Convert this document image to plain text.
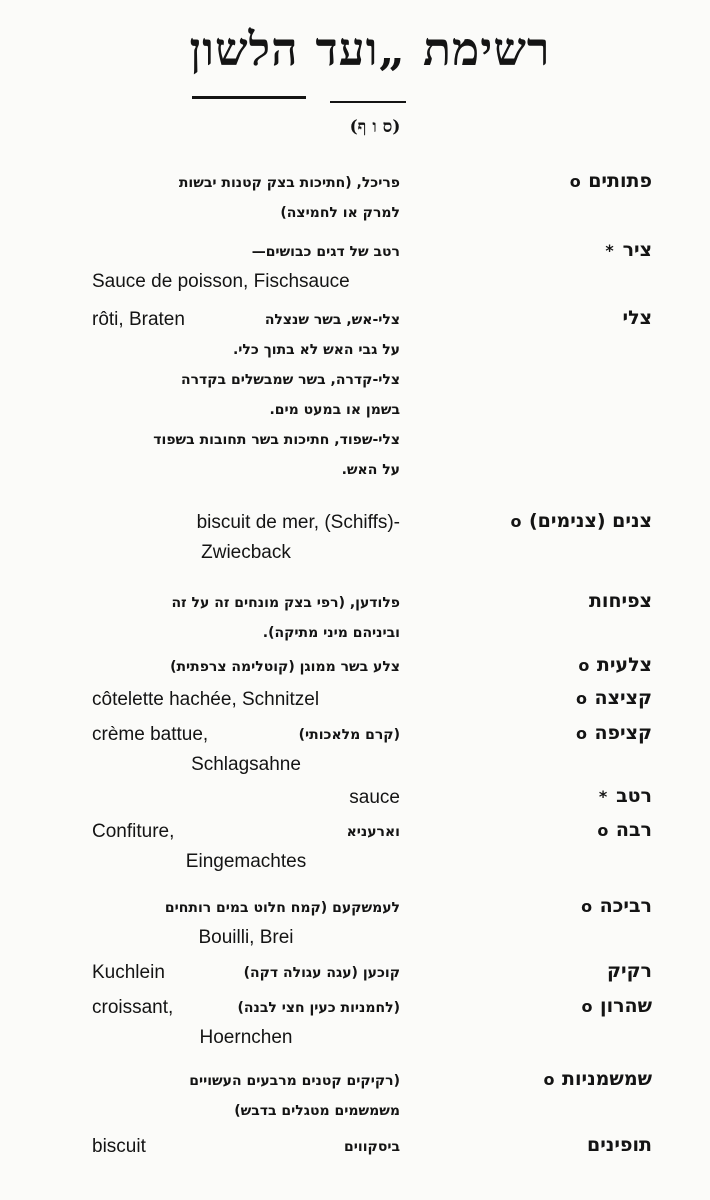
רשימת „ועד הלשון
(ס ו ף)
פתותיםo
פריכל, (חתיכות בצק קטנות יבשות
למרק או לחמיצה)
ציר*
רטב של דגים כבושים—
Sauce de poisson, Fischsauce
צלי
rôti, Braten	צלי-אש, בשר שנצלה
על גבי האש לא בתוך כלי.
צלי-קדרה, בשר שמבשלים בקדרה
בשמן או במעט מים.
צלי-שפוד, חתיכות בשר תחובות בשפוד
על האש.
צנים (צנימים)o
biscuit de mer, (Schiffs)-
Zwiecback
צפיחות
פלודען, (רפי בצק מונחים זה על זה
וביניהם מיני מתיקה).
צלעיתo
צלע בשר ממוגן (קוטלימה צרפתית)
קציצהo
côtelette hachée, Schnitzel
קציפהo
crème battue,	(קרם מלאכותי)
Schlagsahne
רטב*
sauce
רבהo
Confiture,	וארעניא
Eingemachtes
רביכהo
לעמשקעם (קמח חלוט במים רותחים
Bouilli, Brei
רקיק
Kuchlein	קוכען (עגה עגולה דקה)
שהרוןo
croissant,	(לחמניות כעין חצי לבנה)
Hoernchen
שמשמניותo
(רקיקים קטנים מרבעים העשויים
משמשמים מטגלים בדבש)
תופינים
biscuit	ביסקווים
